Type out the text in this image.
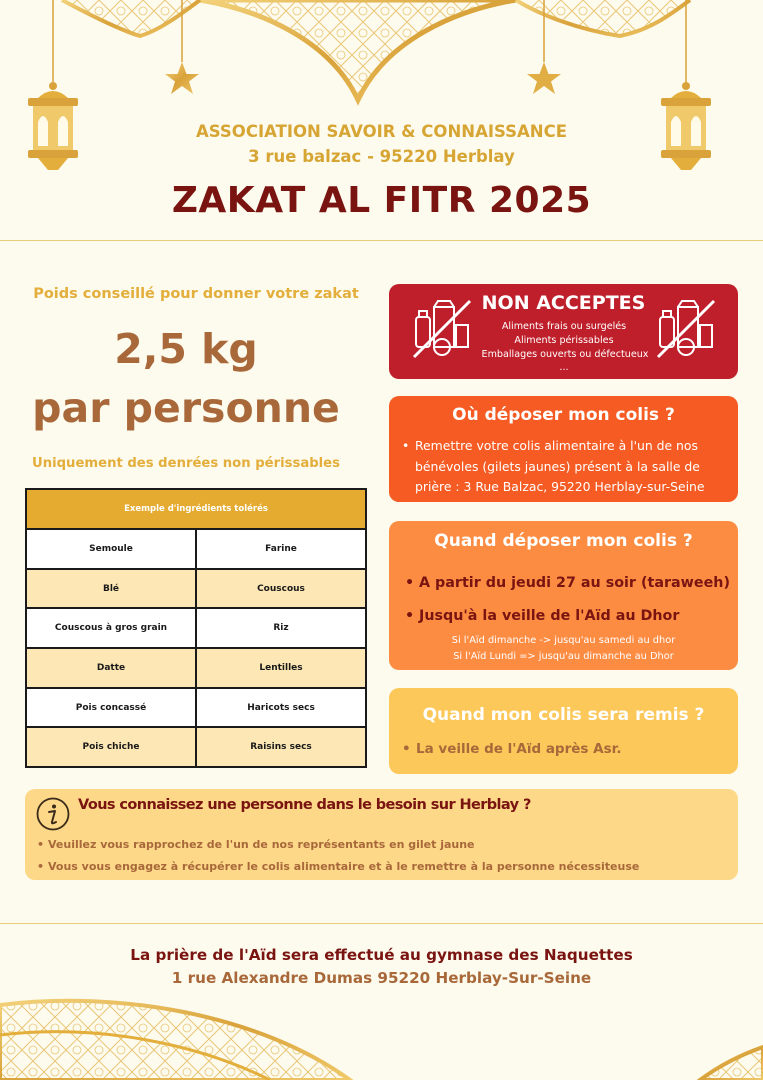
ASSOCIATION SAVOIR & CONNAISSANCE
3 rue balzac - 95220 Herblay
ZAKAT AL FITR 2025
Poids conseillé pour donner votre zakat
2,5 kg
par personne
Uniquement des denrées non périssables
Exemple d'ingrédients tolérés	
Semoule	Farine
Blé	Couscous
Couscous à gros grain	Riz
Datte	Lentilles
Pois concassé	Haricots secs
Pois chiche	Raisins secs
NON ACCEPTES
Aliments frais ou surgelés
Aliments périssables
Emballages ouverts ou défectueux
...
Où déposer mon colis ?
• Remettre votre colis alimentaire à l'un de nos bénévoles (gilets jaunes) présent à la salle de prière : 3 Rue Balzac, 95220 Herblay-sur-Seine
Quand déposer mon colis ?
• A partir du jeudi 27 au soir (taraweeh)
• Jusqu'à la veille de l'Aïd au Dhor
Si l'Aïd dimanche -> jusqu'au samedi au dhor
Si l'Aïd Lundi => jusqu'au dimanche au Dhor
Quand mon colis sera remis ?
• La veille de l'Aïd après Asr.
Vous connaissez une personne dans le besoin sur Herblay ?
• Veuillez vous rapprochez de l'un de nos représentants en gilet jaune
• Vous vous engagez à récupérer le colis alimentaire et à le remettre à la personne nécessiteuse
La prière de l'Aïd sera effectué au gymnase des Naquettes
1 rue Alexandre Dumas 95220 Herblay-Sur-Seine
